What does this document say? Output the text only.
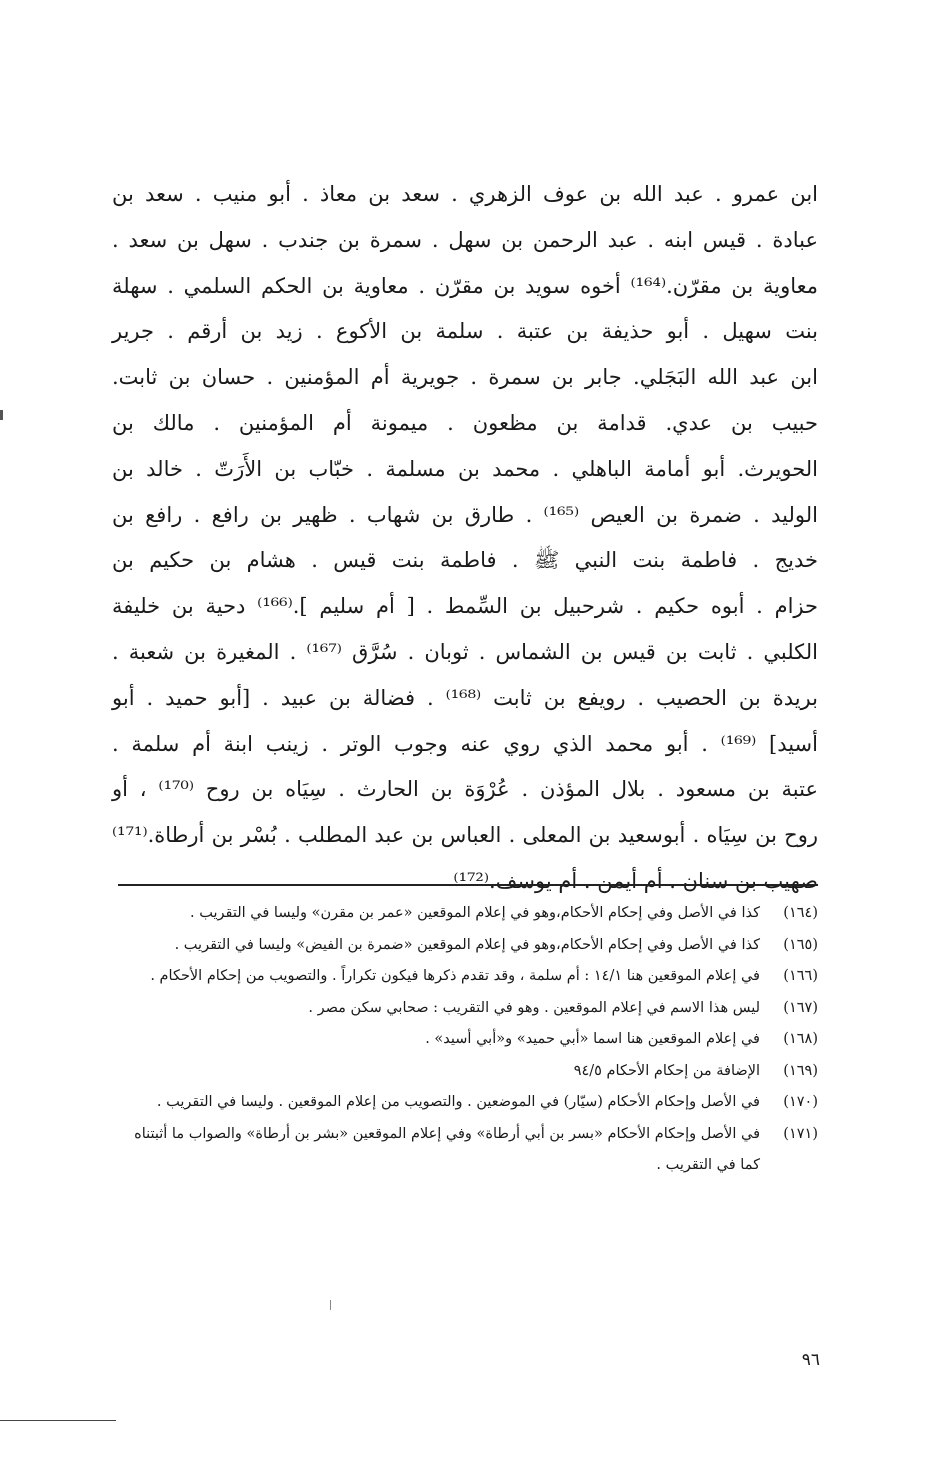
ابن عمرو . عبد الله بن عوف الزهري . سعد بن معاذ . أبو منيب . سعد بن
عبادة . قيس ابنه . عبد الرحمن بن سهل . سمرة بن جندب . سهل بن سعد .
معاوية بن مقرّن.⁽¹⁶⁴⁾ أخوه سويد بن مقرّن . معاوية بن الحكم السلمي . سهلة
بنت سهيل . أبو حذيفة بن عتبة . سلمة بن الأكوع . زيد بن أرقم . جرير
ابن عبد الله البَجَلي. جابر بن سمرة . جويرية أم المؤمنين . حسان بن ثابت.
حبيب بن عدي. قدامة بن مظعون . ميمونة أم المؤمنين . مالك بن
الحويرث. أبو أمامة الباهلي . محمد بن مسلمة . خبّاب بن الأَرَتّ . خالد بن
الوليد . ضمرة بن العيص ⁽¹⁶⁵⁾ . طارق بن شهاب . ظهير بن رافع . رافع بن
خديج . فاطمة بنت النبي ﷺ . فاطمة بنت قيس . هشام بن حكيم بن
حزام . أبوه حكيم . شرحبيل بن السِّمط . [ أم سليم ].⁽¹⁶⁶⁾ دحية بن خليفة
الكلبي . ثابت بن قيس بن الشماس . ثوبان . سُرَّق ⁽¹⁶⁷⁾ . المغيرة بن شعبة .
بريدة بن الحصيب . رويفع بن ثابت ⁽¹⁶⁸⁾ . فضالة بن عبيد . [أبو حميد . أبو
أسيد] ⁽¹⁶⁹⁾ . أبو محمد الذي روي عنه وجوب الوتر . زينب ابنة أم سلمة .
عتبة بن مسعود . بلال المؤذن . عُرْوَة بن الحارث . سِيَاه بن روح ⁽¹⁷⁰⁾ ، أو
روح بن سِيَاه . أبوسعيد بن المعلى . العباس بن عبد المطلب . بُسْر بن أرطاة.⁽¹⁷¹⁾
صهيب بن سنان . أم أيمن . أم يوسف.⁽¹⁷²⁾
(١٦٤)
كذا في الأصل وفي إحكام الأحكام،وهو في إعلام الموقعين «عمر بن مقرن» وليسا في التقريب .
(١٦٥)
كذا في الأصل وفي إحكام الأحكام،وهو في إعلام الموقعين «ضمرة بن الفيض» وليسا في التقريب .
(١٦٦)
في إعلام الموقعين هنا ١٤/١ : أم سلمة ، وقد تقدم ذكرها فيكون تكراراً . والتصويب من إحكام الأحكام .
(١٦٧)
ليس هذا الاسم في إعلام الموقعين . وهو في التقريب : صحابي سكن مصر .
(١٦٨)
في إعلام الموقعين هنا اسما «أبي حميد» و«أبي أسيد» .
(١٦٩)
الإضافة من إحكام الأحكام ٩٤/٥
(١٧٠)
في الأصل وإحكام الأحكام (سيّار) في الموضعين . والتصويب من إعلام الموقعين . وليسا في التقريب .
(١٧١)
في الأصل وإحكام الأحكام «بسر بن أبي أرطاة» وفي إعلام الموقعين «بشر بن أرطاة» والصواب ما أثبتناه كما في التقريب .
٩٦
